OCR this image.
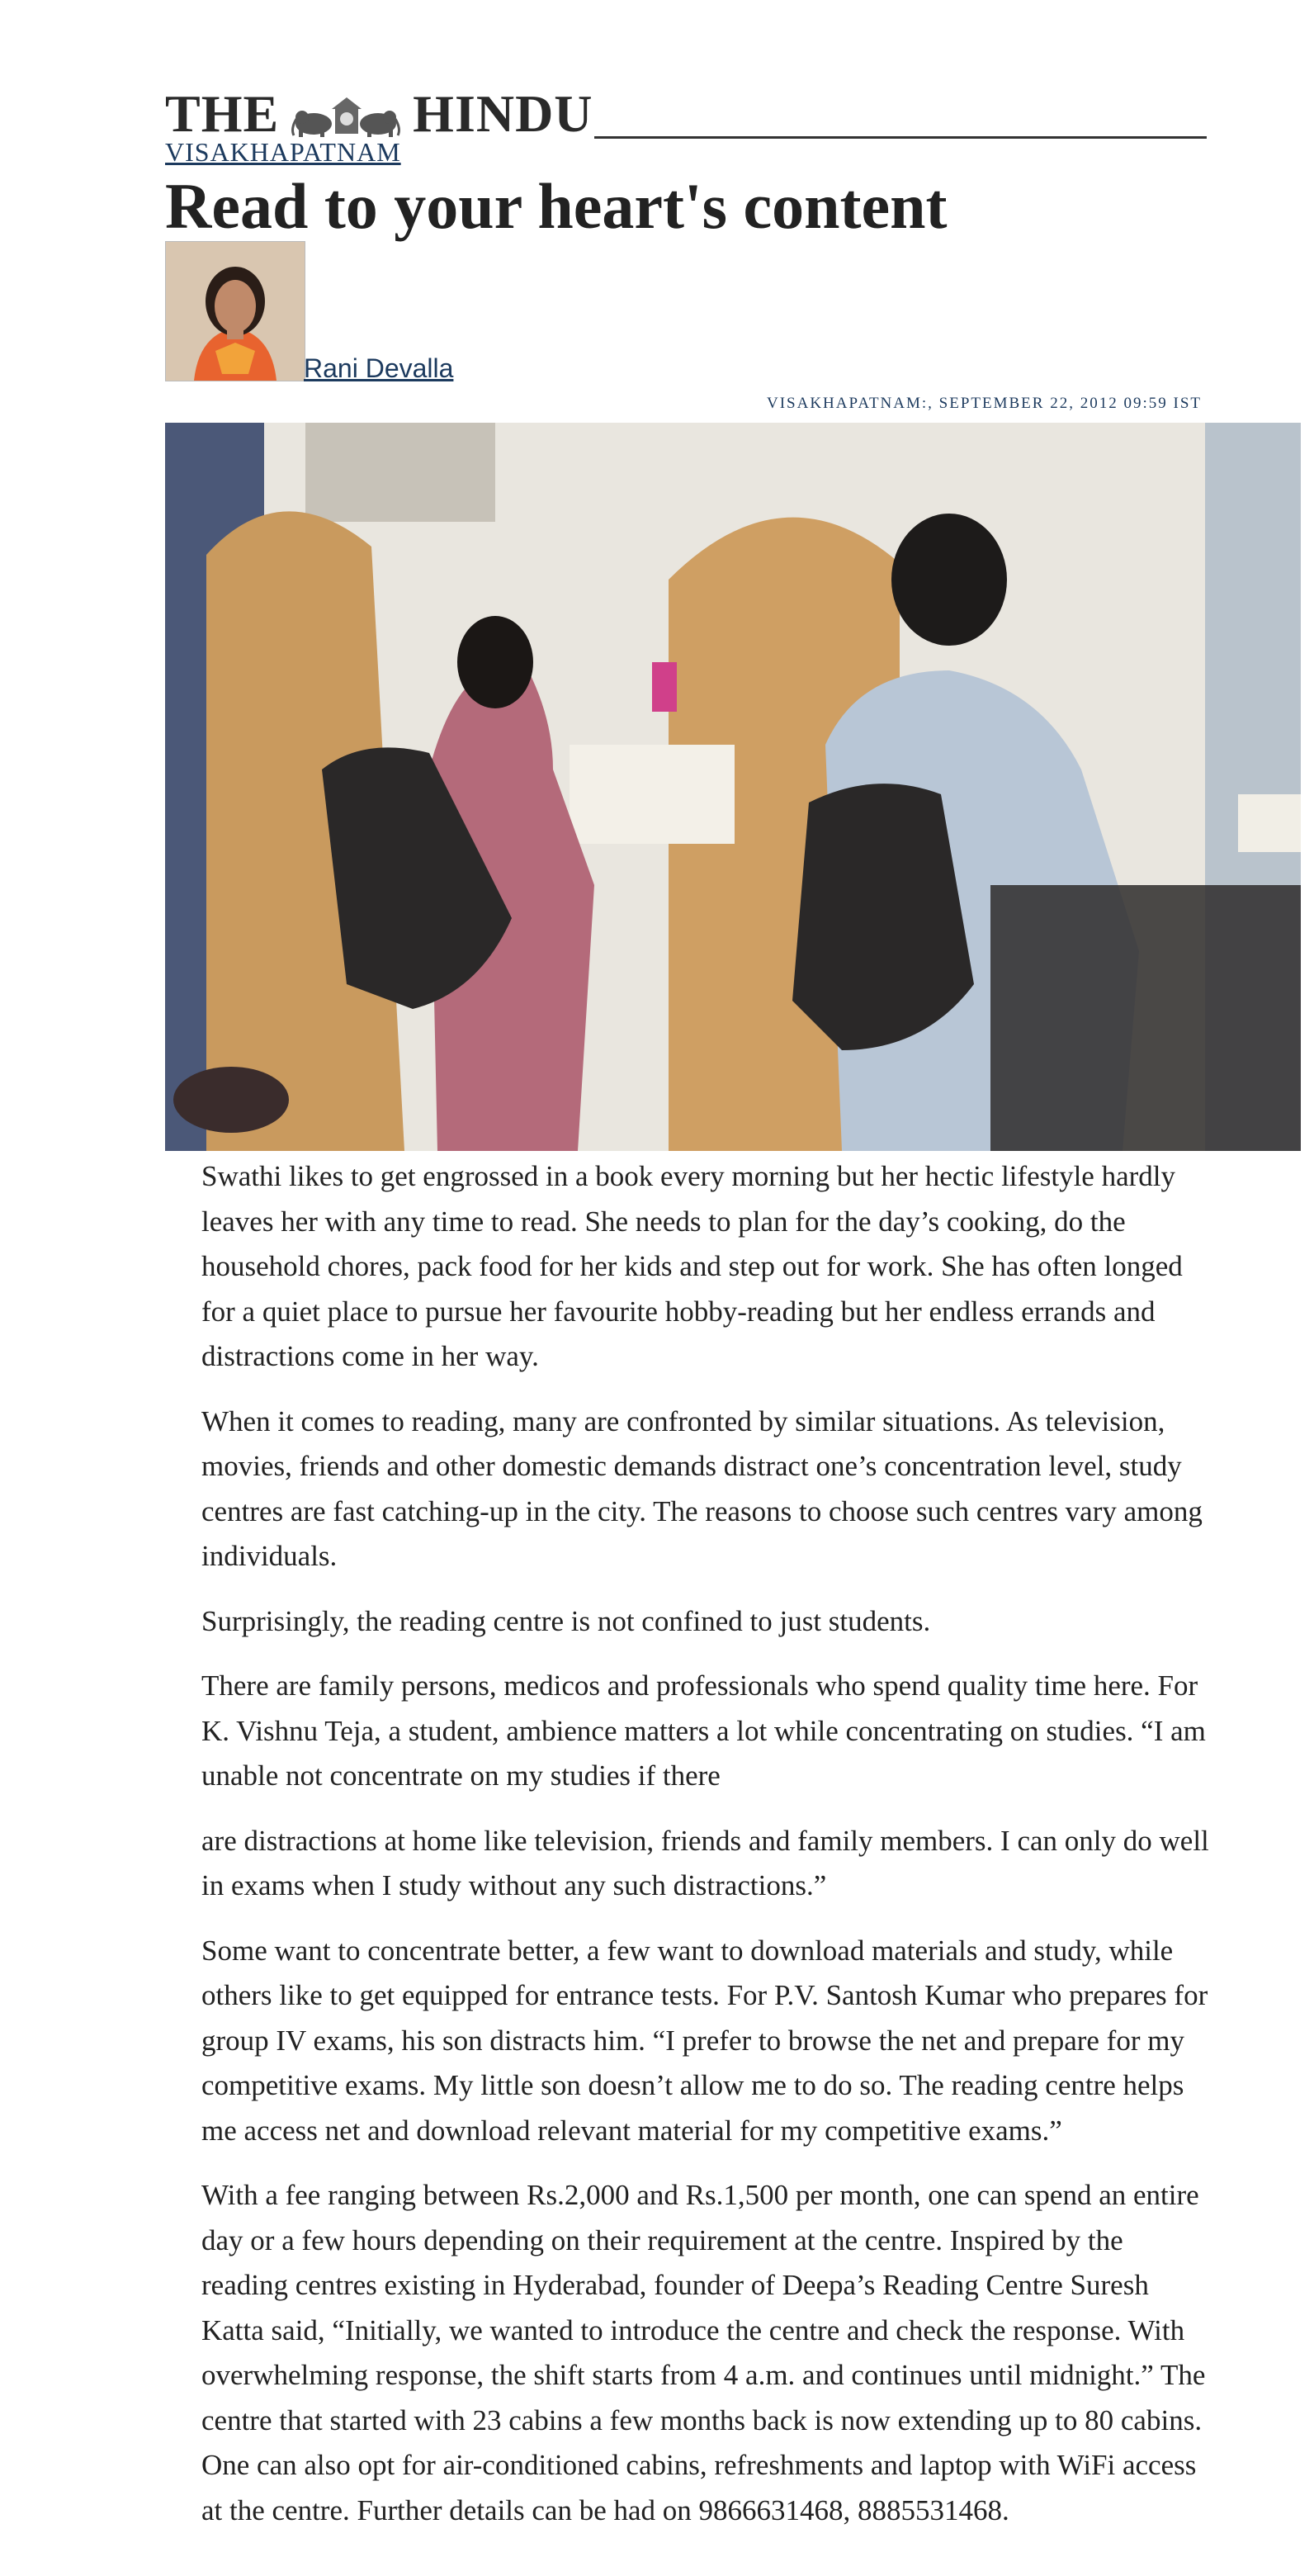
THE	HINDU
VISAKHAPATNAM
Read to your heart's content
Rani Devalla
VISAKHAPATNAM:, SEPTEMBER 22, 2012 09:59 IST

Swathi likes to get engrossed in a book every morning but her hectic lifestyle hardly leaves her with any time to read. She needs to plan for the day’s cooking, do the household chores, pack food for her kids and step out for work. She has often longed for a quiet place to pursue her favourite hobby-reading but her endless errands and distractions come in her way.

When it comes to reading, many are confronted by similar situations. As television, movies, friends and other domestic demands distract one’s concentration level, study centres are fast catching-up in the city. The reasons to choose such centres vary among individuals.

Surprisingly, the reading centre is not confined to just students.

There are family persons, medicos and professionals who spend quality time here. For K. Vishnu Teja, a student, ambience matters a lot while concentrating on studies. “I am unable not concentrate on my studies if there

are distractions at home like television, friends and family members. I can only do well in exams when I study without any such distractions.”

Some want to concentrate better, a few want to download materials and study, while others like to get equipped for entrance tests. For P.V. Santosh Kumar who prepares for group IV exams, his son distracts him. “I prefer to browse the net and prepare for my competitive exams. My little son doesn’t allow me to do so. The reading centre helps me access net and download relevant material for my competitive exams.”

With a fee ranging between Rs.2,000 and Rs.1,500 per month, one can spend an entire day or a few hours depending on their requirement at the centre. Inspired by the reading centres existing in Hyderabad, founder of Deepa’s Reading Centre Suresh Katta said, “Initially, we wanted to introduce the centre and check the response. With overwhelming response, the shift starts from 4 a.m. and continues until midnight.” The centre that started with 23 cabins a few months back is now extending up to 80 cabins. One can also opt for air-conditioned cabins, refreshments and laptop with WiFi access at the centre. Further details can be had on 9866631468, 8885531468.
